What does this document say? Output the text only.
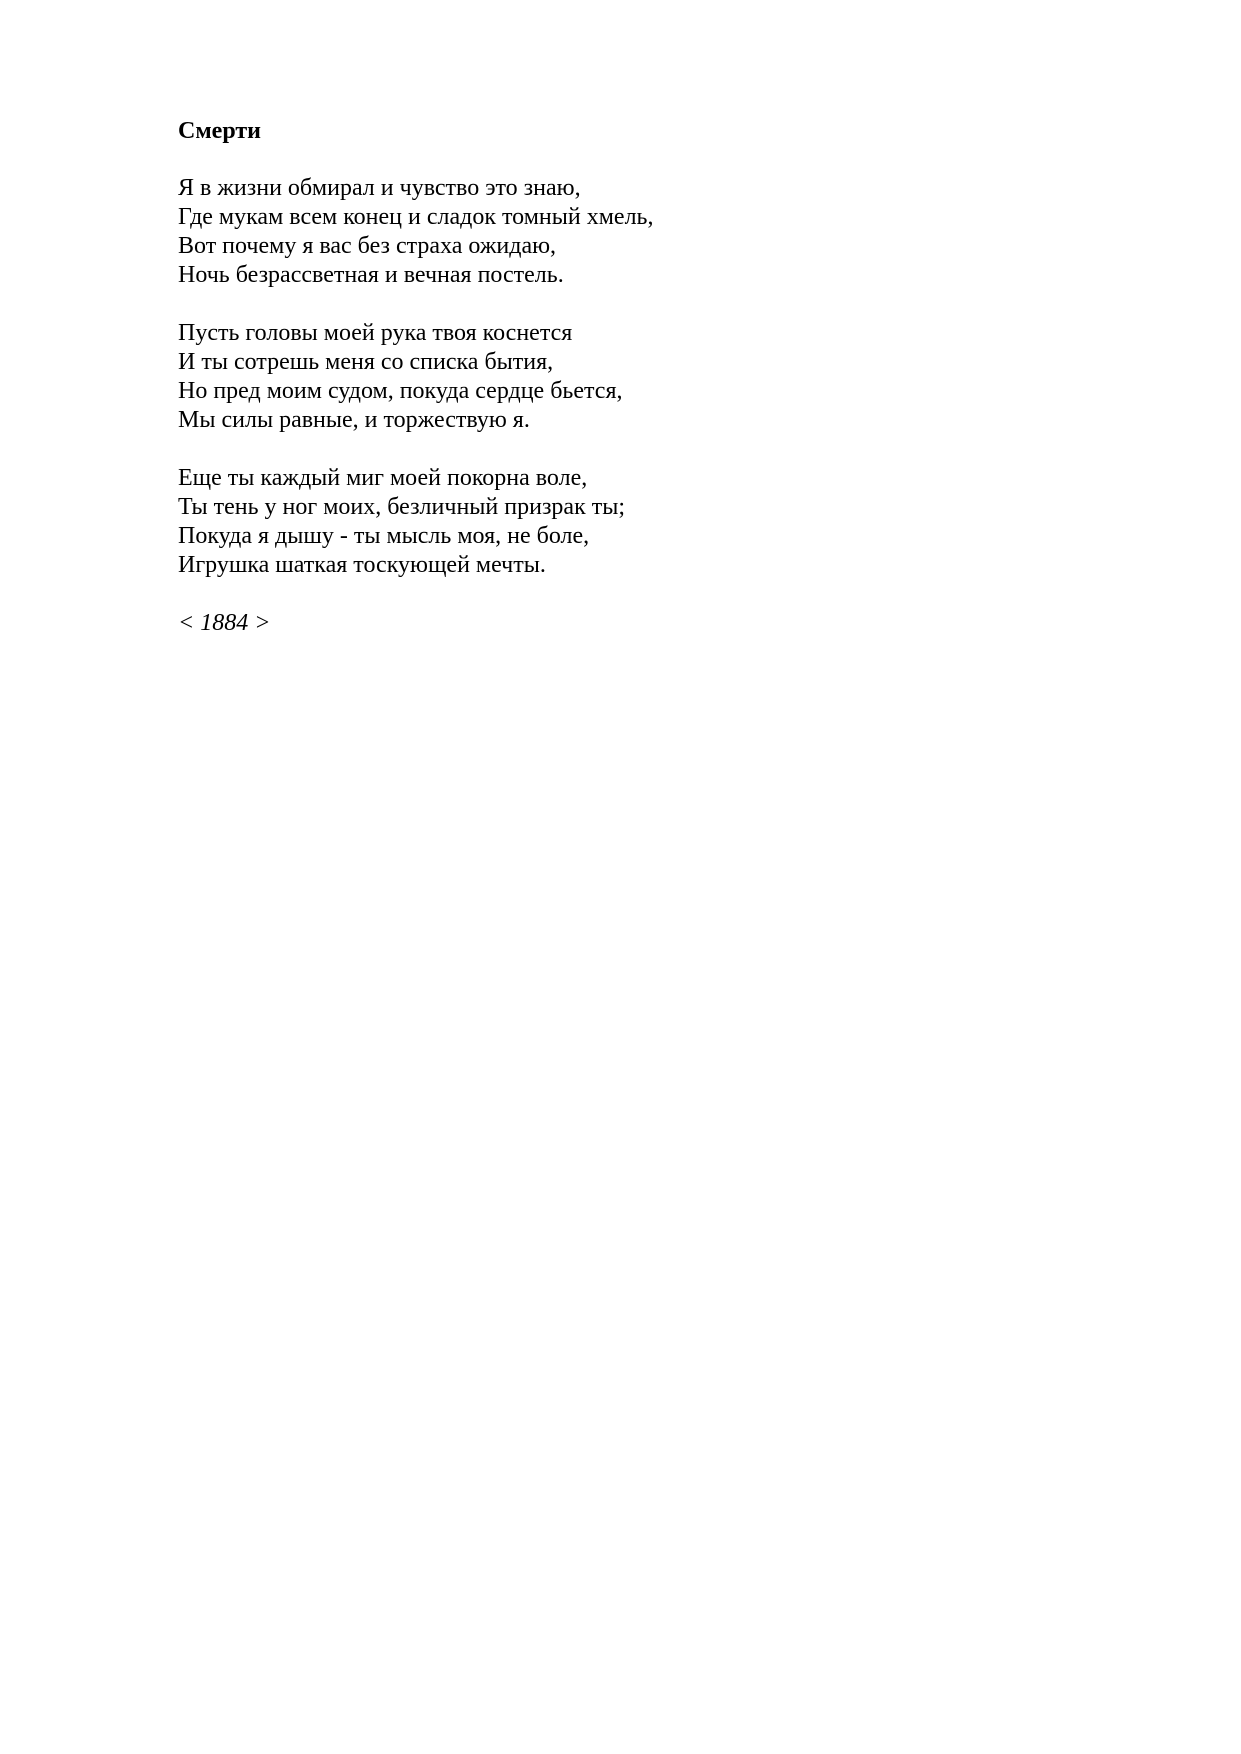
Смерти
Я в жизни обмирал и чувство это знаю,
Где мукам всем конец и сладок томный хмель,
Вот почему я вас без страха ожидаю,
Ночь безрассветная и вечная постель.
Пусть головы моей рука твоя коснется
И ты сотрешь меня со списка бытия,
Но пред моим судом, покуда сердце бьется,
Мы силы равные, и торжествую я.
Еще ты каждый миг моей покорна воле,
Ты тень у ног моих, безличный призрак ты;
Покуда я дышу - ты мысль моя, не боле,
Игрушка шаткая тоскующей мечты.
< 1884 >
